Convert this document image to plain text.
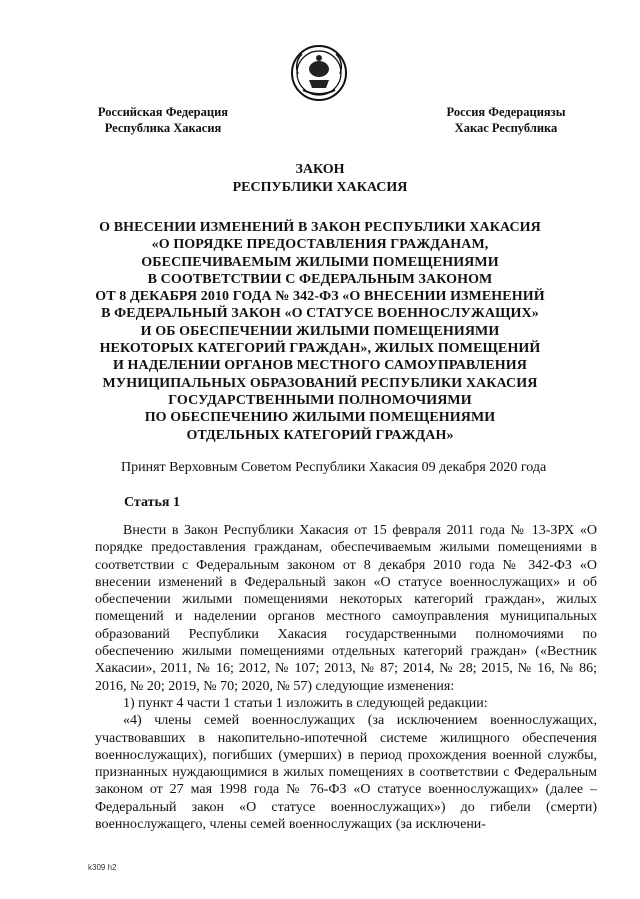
Российская Федерация
Республика Хакасия
Россия Федерациязы
Хакас Республика
ЗАКОН
РЕСПУБЛИКИ ХАКАСИЯ
О ВНЕСЕНИИ ИЗМЕНЕНИЙ В ЗАКОН РЕСПУБЛИКИ ХАКАСИЯ
«О ПОРЯДКЕ ПРЕДОСТАВЛЕНИЯ ГРАЖДАНАМ,
ОБЕСПЕЧИВАЕМЫМ ЖИЛЫМИ ПОМЕЩЕНИЯМИ
В СООТВЕТСТВИИ С ФЕДЕРАЛЬНЫМ ЗАКОНОМ
ОТ 8 ДЕКАБРЯ 2010 ГОДА № 342-ФЗ «О ВНЕСЕНИИ ИЗМЕНЕНИЙ
В ФЕДЕРАЛЬНЫЙ ЗАКОН «О СТАТУСЕ ВОЕННОСЛУЖАЩИХ»
И ОБ ОБЕСПЕЧЕНИИ ЖИЛЫМИ ПОМЕЩЕНИЯМИ
НЕКОТОРЫХ КАТЕГОРИЙ ГРАЖДАН», ЖИЛЫХ ПОМЕЩЕНИЙ
И НАДЕЛЕНИИ ОРГАНОВ МЕСТНОГО САМОУПРАВЛЕНИЯ
МУНИЦИПАЛЬНЫХ ОБРАЗОВАНИЙ РЕСПУБЛИКИ ХАКАСИЯ
ГОСУДАРСТВЕННЫМИ ПОЛНОМОЧИЯМИ
ПО ОБЕСПЕЧЕНИЮ ЖИЛЫМИ ПОМЕЩЕНИЯМИ
ОТДЕЛЬНЫХ КАТЕГОРИЙ ГРАЖДАН»
Принят Верховным Советом Республики Хакасия 09 декабря 2020 года
Статья 1

Внести в Закон Республики Хакасия от 15 февраля 2011 года № 13-ЗРХ «О порядке предоставления гражданам, обеспечиваемым жилыми помещениями в соответствии с Федеральным законом от 8 декабря 2010 года № 342-ФЗ «О внесении изменений в Федеральный закон «О статусе военнослужащих» и об обеспечении жилыми помещениями некоторых категорий граждан», жилых помещений и наделении органов местного самоуправления муниципальных образований Республики Хакасия государственными полномочиями по обеспечению жилыми помещениями отдельных категорий граждан» («Вестник Хакасии», 2011, № 16; 2012, № 107; 2013, № 87; 2014, № 28; 2015, № 16, № 86; 2016, № 20; 2019, № 70; 2020, № 57) следующие изменения:

1) пункт 4 части 1 статьи 1 изложить в следующей редакции:

«4) члены семей военнослужащих (за исключением военнослужащих, участвовавших в накопительно-ипотечной системе жилищного обеспечения военнослужащих), погибших (умерших) в период прохождения военной службы, признанных нуждающимися в жилых помещениях в соответствии с Федеральным законом от 27 мая 1998 года № 76-ФЗ «О статусе военнослужащих» (далее – Федеральный закон «О статусе военнослужащих») до гибели (смерти) военнослужащего, члены семей военнослужащих (за исключени-

k309 h2
